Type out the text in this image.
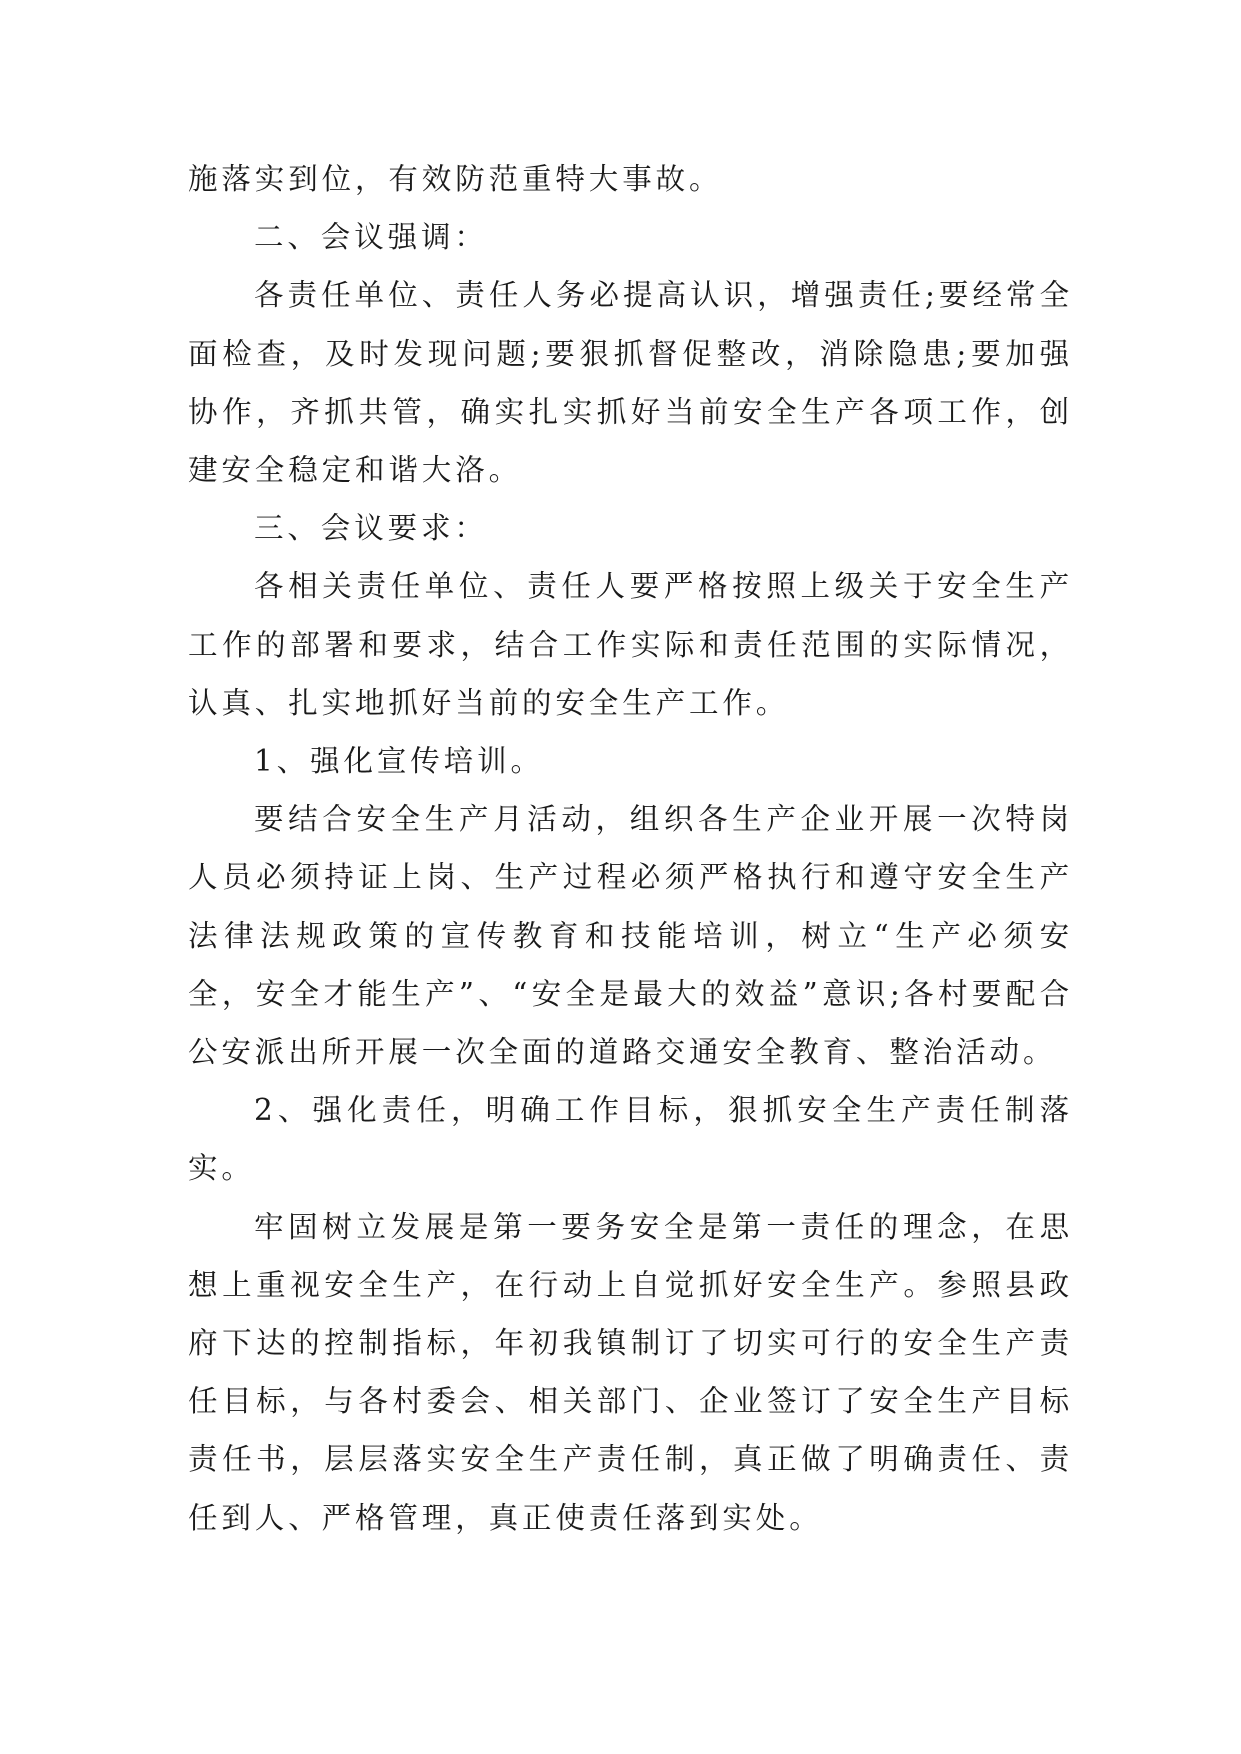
施落实到位，有效防范重特大事故。

二、会议强调：

各责任单位、责任人务必提高认识，增强责任;要经常全面检查，及时发现问题;要狠抓督促整改，消除隐患;要加强协作，齐抓共管，确实扎实抓好当前安全生产各项工作，创建安全稳定和谐大洛。

三、会议要求：

各相关责任单位、责任人要严格按照上级关于安全生产工作的部署和要求，结合工作实际和责任范围的实际情况，认真、扎实地抓好当前的安全生产工作。

1、强化宣传培训。

要结合安全生产月活动，组织各生产企业开展一次特岗人员必须持证上岗、生产过程必须严格执行和遵守安全生产法律法规政策的宣传教育和技能培训，树立“生产必须安全，安全才能生产”、“安全是最大的效益”意识;各村要配合公安派出所开展一次全面的道路交通安全教育、整治活动。

2、强化责任，明确工作目标，狠抓安全生产责任制落实。

牢固树立发展是第一要务安全是第一责任的理念，在思想上重视安全生产，在行动上自觉抓好安全生产。参照县政府下达的控制指标，年初我镇制订了切实可行的安全生产责任目标，与各村委会、相关部门、企业签订了安全生产目标责任书，层层落实安全生产责任制，真正做了明确责任、责任到人、严格管理，真正使责任落到实处。
